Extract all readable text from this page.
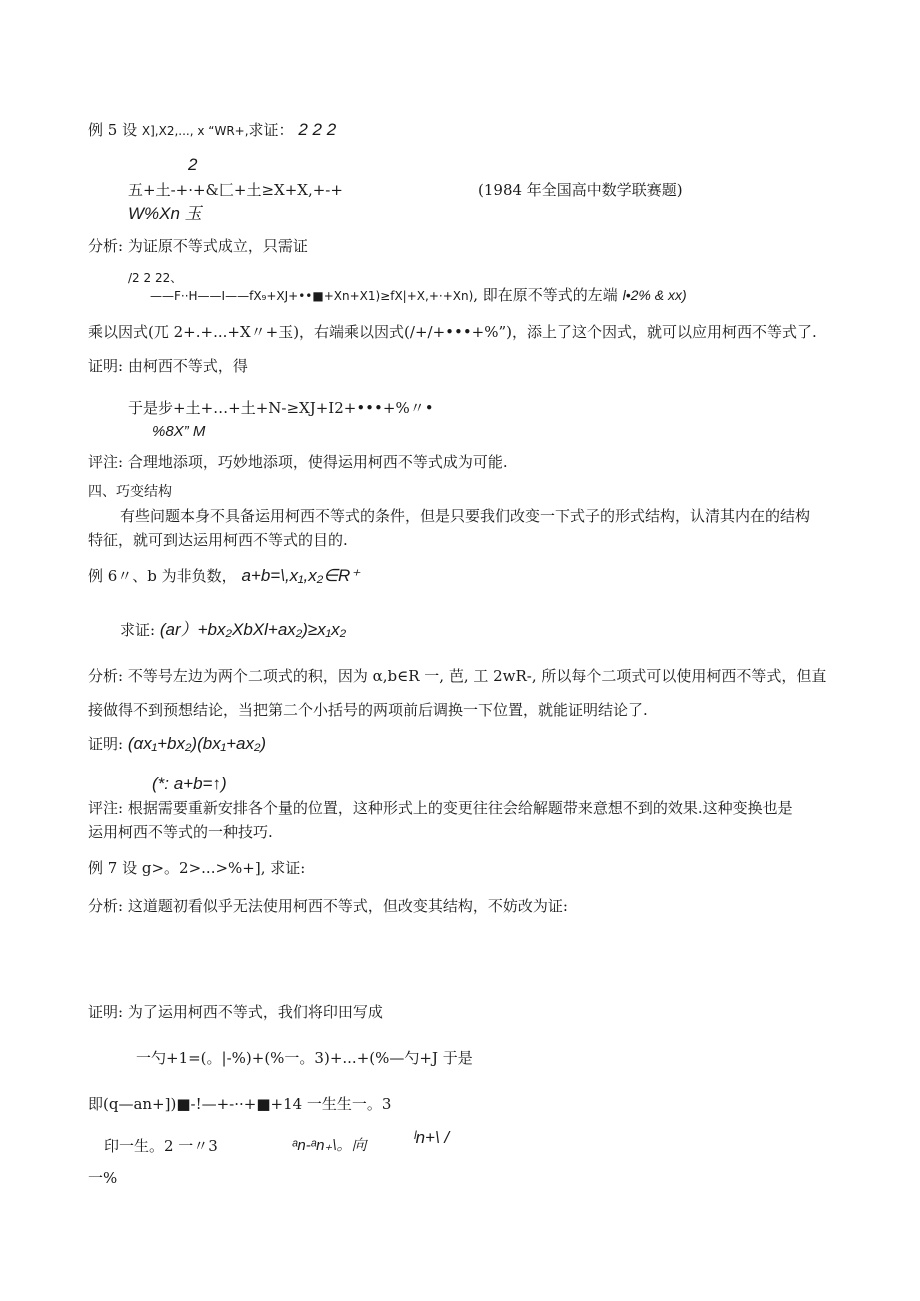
例 5 设 X],X2,..., x “WR+,求证： 2 2 2
2
五+土-+·+&匚+土≥X+X,+-+	(1984 年全国高中数学联赛题)
W%Xn 玉
分析: 为证原不等式成立，只需证
/2 2 22、
——F··H——I——fX₉+XJ+••■+Xn+X1)≥fX|+X,+·+Xn), 即在原不等式的左端 l•2% & xx)
乘以因式(兀 2+.+...+X〃+玉)，右端乘以因式(/+/+•••+%”)，添上了这个因式，就可以应用柯西不等式了.
证明: 由柯西不等式，得
于是步+土+…+土+N-≥XJ+I2+•••+%〃•
%8X” M
评注: 合理地添项，巧妙地添项，使得运用柯西不等式成为可能.
四、巧变结构
有些问题本身不具备运用柯西不等式的条件，但是只要我们改变一下式子的形式结构，认清其内在的结构
特征，就可到达运用柯西不等式的目的.
例 6〃、b 为非负数， a+b=\,x₁,x₂∈R⁺
求证: (ar）+bx₂XbXl+ax₂)≥x₁x₂
分析: 不等号左边为两个二项式的积，因为 α,b∈R 一, 芭, 工 2wR-, 所以每个二项式可以使用柯西不等式，但直
接做得不到预想结论，当把第二个小括号的两项前后调换一下位置，就能证明结论了.
证明: (αx₁+bx₂)(bx₁+ax₂)
(*: a+b=↑)
评注: 根据需要重新安排各个量的位置，这种形式上的变更往往会给解题带来意想不到的效果.这种变换也是
运用柯西不等式的一种技巧.
例 7 设 g>。2>...>%+], 求证:
分析: 这道题初看似乎无法使用柯西不等式，但改变其结构，不妨改为证:
证明: 为了运用柯西不等式，我们将印田写成
一勺+1=(。|-%)+(%一。3)+...+(%—勺+J 于是
即(q—an+])■-!—+-··+■+14 一生生一。3
印一生。2 一〃3	ᵃn-ᵃn₊\。向	ˡn+\ /
一%
